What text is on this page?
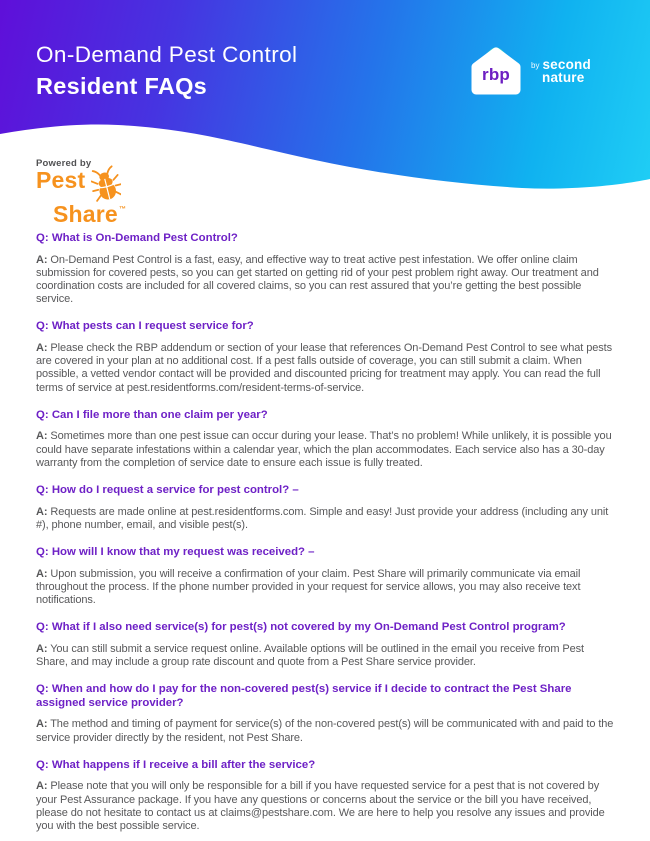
On-Demand Pest Control
Resident FAQs	rbp	by second
nature
Powered by
Pest
Share ™
Q: What is On-Demand Pest Control?

A: On-Demand Pest Control is a fast, easy, and effective way to treat active pest infestation. We offer online claim submission for covered pests, so you can get started on getting rid of your pest problem right away. Our treatment and coordination costs are included for all covered claims, so you can rest assured that you’re getting the best possible service.

Q: What pests can I request service for?

A: Please check the RBP addendum or section of your lease that references On-Demand Pest Control to see what pests are covered in your plan at no additional cost. If a pest falls outside of coverage, you can still submit a claim. When possible, a vetted vendor contact will be provided and discounted pricing for treatment may apply. You can read the full terms of service at pest.residentforms.com/resident-terms-of-service.

Q: Can I file more than one claim per year?

A: Sometimes more than one pest issue can occur during your lease. That’s no problem! While unlikely, it is possible you could have separate infestations within a calendar year, which the plan accommodates. Each service also has a 30-day warranty from the completion of service date to ensure each issue is fully treated.

Q: How do I request a service for pest control? –

A: Requests are made online at pest.residentforms.com. Simple and easy! Just provide your address (including any unit #), phone number, email, and visible pest(s).

Q: How will I know that my request was received? –

A: Upon submission, you will receive a confirmation of your claim. Pest Share will primarily communicate via email throughout the process. If the phone number provided in your request for service allows, you may also receive text notifications.

Q: What if I also need service(s) for pest(s) not covered by my On-Demand Pest Control program?

A: You can still submit a service request online. Available options will be outlined in the email you receive from Pest Share, and may include a group rate discount and quote from a Pest Share service provider.

Q: When and how do I pay for the non-covered pest(s) service if I decide to contract the Pest Share assigned service provider?

A: The method and timing of payment for service(s) of the non-covered pest(s) will be communicated with and paid to the service provider directly by the resident, not Pest Share.

Q: What happens if I receive a bill after the service?

A: Please note that you will only be responsible for a bill if you have requested service for a pest that is not covered by your Pest Assurance package. If you have any questions or concerns about the service or the bill you have received, please do not hesitate to contact us at claims@pestshare.com. We are here to help you resolve any issues and provide you with the best possible service.
